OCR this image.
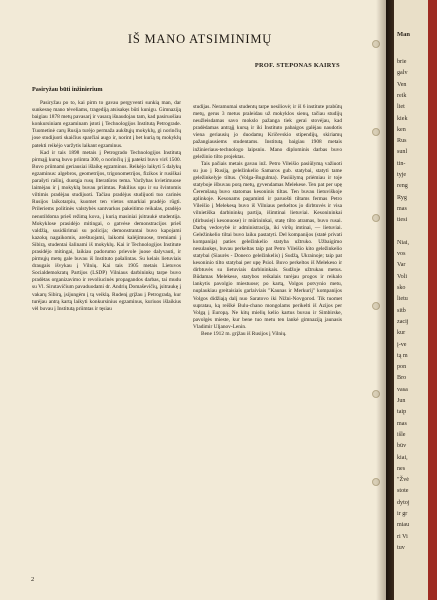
IŠ MANO ATSIMINIMŲ
PROF. STEPONAS KAIRYS
Pasiryžau būti inžinierium

Pasiryžau po to, kai pirm to gavau pergyventi sunkią man, dar sunkesnę mano tėveliams, tragediją atsisakęs būti kunigu. Gimnaziją baigiau 1878 metų pavasarį ir vasarą išnaudojau tam, kad pasiruošiau konkursiniam egzaminam įstoti į Technologijos Institutą Petrograde. Tuometinė carų Rusija turėjo permaža aukštųjų mokyklų, gi norinčių jose studijuoti skaičius sparčiai augo ir, norint į bet kurią tų mokyklų patekti reikėjo varžytis laikant egzaminus.

Kad ir tais 1898 metais į Petrogrado Technologijos Institutą pirmąjį kursą buvo priimta 300, o norinčių į jį patekti buvo virš 1500. Buvo priimami geriausiai išlaikę egzaminus. Reikėjo laikyti 5 dalykų egzaminus: algebros, geometrijos, trigonometrijos, fizikos ir rusiškai parašyti rašinį, duotąja rusų literatūros tema. Varžybas kvietimuose laimėjau ir į mokyklą buvau priimtas. Pakilius upu ir su švintomis viltimis pradėjau studijuoti. Tačiau pradėjus studijuoti tuo carinės Rusijos laikotarpiu, kuomet ten vietos smarkiai pradėjo rūgti. Prileriems politinės valstybės santvarkos pakeitimo reikalas, pradėjo nenutildoma prieš režimą kova, į kurią masiniai įsitraukė studentija. Mokyklose prasidėjo mitingai, o gatvėse demonstracijos prieš valdžią, susidūrimai su policija; demonstrantai buvo kapojami kazokų nagaikomis, areštuojami, laikomi kalėjimuose, tremiami į Sibirą, studentai šalinami iš mokyklų. Kai ir Technologijos Institute prasidėjo mitingai, laikiau padorumo prievole juose dalyvauti, ir pirmųjų metų gale buvau iš Instituto pašalintas. Su kelais lietuviais draugais išvykau į Vilnių. Kai tais 1905 metais Lietuvos Socialdemokratų Partijos (LSDP) Vilniaus darbininkų tarpe buvo pradėtas organizavimo ir revoliucinės propagandos darbas, tai mudu su Vl. Sirutavičium pavaduodami dr. Andrių Domaševičių, įsitraukę į vakarų Sibirą, įsijungėm į tą veiklą. Rudenį grįžau į Petrogradą, kur turėjau antrą kartą laikyti konkursinius egzaminus, kuriuos išlaikius vėl buvau į Institutą priimtas ir tęsiau

studijas. Neramumai studentų tarpe nesiliovė; ir iš 6 institute prabūtų metų, gerus 3 metus praleidau už mokyklos sienų, tačiau studijų neužleisdamas savo mokslo pažanga tiek gerai stovėjau, kad pradėdamas antrąjį kursą ir iki Instituto pabaigos galėjau naudotis viena geriausių jo duodamų Kričevskio stipendijų, skiriamų pažangiausiems studentams. Institutą baigiau 1908 metais inžinieriaus-technologo laipsniu. Mano diplominis darbas buvo geležinio tilto projektas.

Tais pačiais metais gavau inž. Petro Vileišio pasiūlymą važiuoti su juo į Rusiją, geležinkelio Samaros gub. statybai, statyti tame geležinkelyje tiltus. (Volga-Bugulma). Pasiūlymą priėmiau ir toje statyboje išbuvau porą metų, gyvendamas Melekese. Ten pat per upę Čeremšaną buvo statomas kesoninis tiltas. Ten buvau lietuviškoje aplinkoje. Kesonams pagaminti ir paruošti tiltams fermas Petro Vileišio į Melekesą buvo iš Vilniaus perkeltos jo dirbtuvės ir visa vilnietiška darbininkų partija, išimtinai lietuviai. Kesonininkai (dirbusieji kesonuose) ir mūrininkai, statę tilto atramas, buvo rusai. Darbų vedovybė ir administracija, iki viršų imtinai, — lietuviai. Geležinkelio tiltai buvo laiku pastatyti. Del kompanijos (statė privati kompanija) paties geležinkelio statyba užtruko. Užbaigimo nesulaukęs, buvau perkeltas taip pat Petro Vileišio kito geležinkelio statybai (Siaurės - Doneco geležinkelis) į Sudžą, Ukrainoje; taip pat kesoninio tilto statybai per upę Psiol. Buvo perkeltos iš Melekeso ir dirbtuvės su lietuviais darbininkais. Sudžoje užtrukau metus. Būdamas Melekese, statybos reikalais turėjau progos ir reikalo lankytis pavolgio miestuose; po kartą, Volgos potvynio metu, nuplaukiau greitaisiais garlaiviais "Kaunas ir Merkurij" kompanijos Volgos didžiają dalį nuo Saratovo iki Nižni-Novgorod. Tik tuomet supratau, ką reiškė Bulu-chano mongolams perikelti iš Azijos per Volgą į Europą. Ne kitų mielių kelio kartus buvau ir Simbirske, pavolgės mieste, kur bene tuo metu ten lankė gimnaziją jaunasis Vladimir Uljanov-Lenin.

Bene 1912 m. grįžau iš Rusijos į Vilnių.

2
Man
brie
galv
Ven
reik
liet
kiek
ken
Rus
sunl
tin-
tyje
reng
Ryg
mas
tiesi
Niai,
vos
Var
Voli
sko
lietu
sitb
zacij
kur
į-ve
tą m
pon
Bro
vasa
Jun
taip
mas
išle
būv
kiai,
nes
"Žvė
stote
dytoj
ir gr
miau
ri Vi
tuv
